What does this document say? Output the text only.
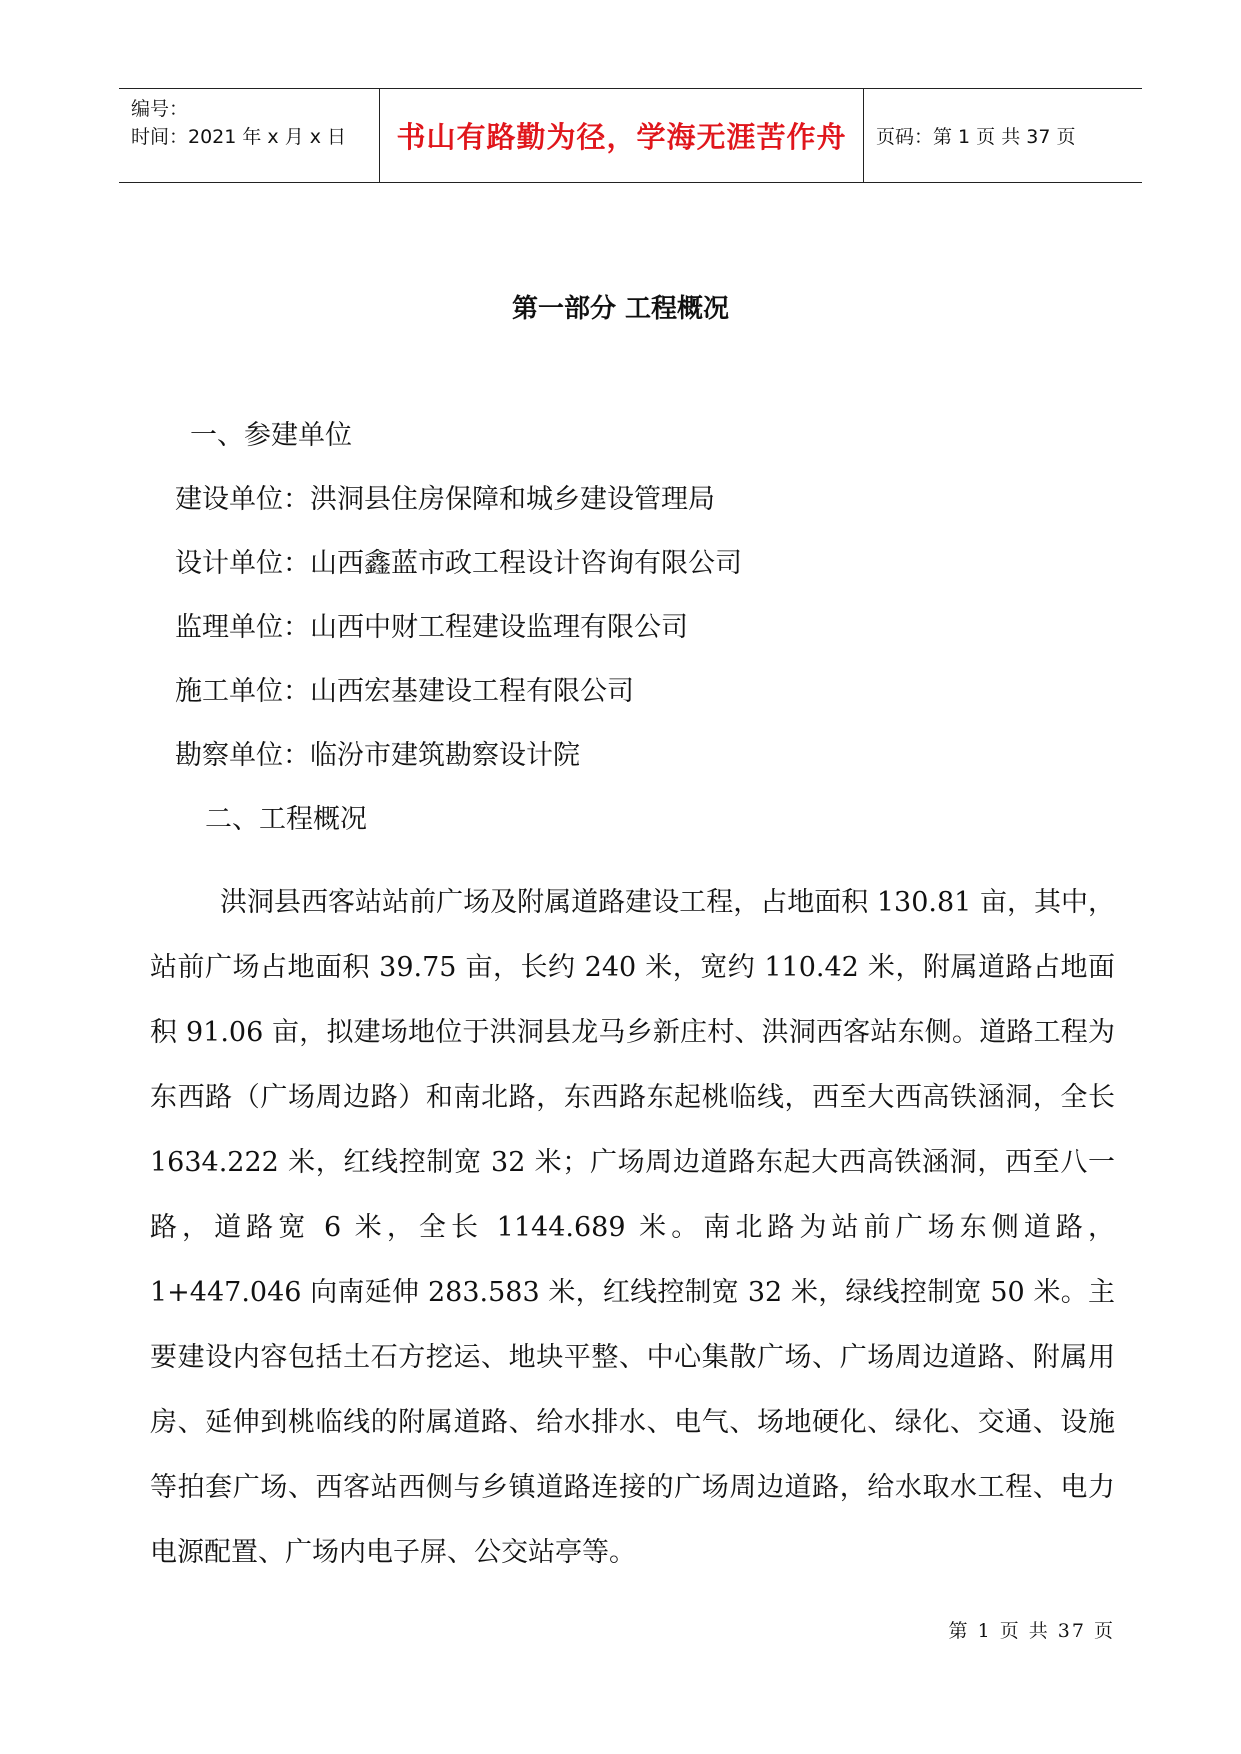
编号：
时间：2021 年 x 月 x 日	书山有路勤为径，学海无涯苦作舟 页码：第 1 页 共 37 页
第一部分 工程概况
一、参建单位
建设单位：洪洞县住房保障和城乡建设管理局
设计单位：山西鑫蓝市政工程设计咨询有限公司
监理单位：山西中财工程建设监理有限公司
施工单位：山西宏基建设工程有限公司
勘察单位：临汾市建筑勘察设计院
二、工程概况
洪洞县西客站站前广场及附属道路建设工程，占地面积 130.81 亩，其中，站前广场占地面积 39.75 亩，长约 240 米，宽约 110.42 米，附属道路占地面积 91.06 亩，拟建场地位于洪洞县龙马乡新庄村、洪洞西客站东侧。道路工程为东西路（广场周边路）和南北路，东西路东起桃临线，西至大西高铁涵洞，全长 1634.222 米，红线控制宽 32 米；广场周边道路东起大西高铁涵洞，西至八一路，道路宽 6 米，全长 1144.689 米。南北路为站前广场东侧道路，1+447.046 向南延伸 283.583 米，红线控制宽 32 米，绿线控制宽 50 米。主要建设内容包括土石方挖运、地块平整、中心集散广场、广场周边道路、附属用房、延伸到桃临线的附属道路、给水排水、电气、场地硬化、绿化、交通、设施等拍套广场、西客站西侧与乡镇道路连接的广场周边道路，给水取水工程、电力电源配置、广场内电子屏、公交站亭等。
第 1 页 共 37 页
